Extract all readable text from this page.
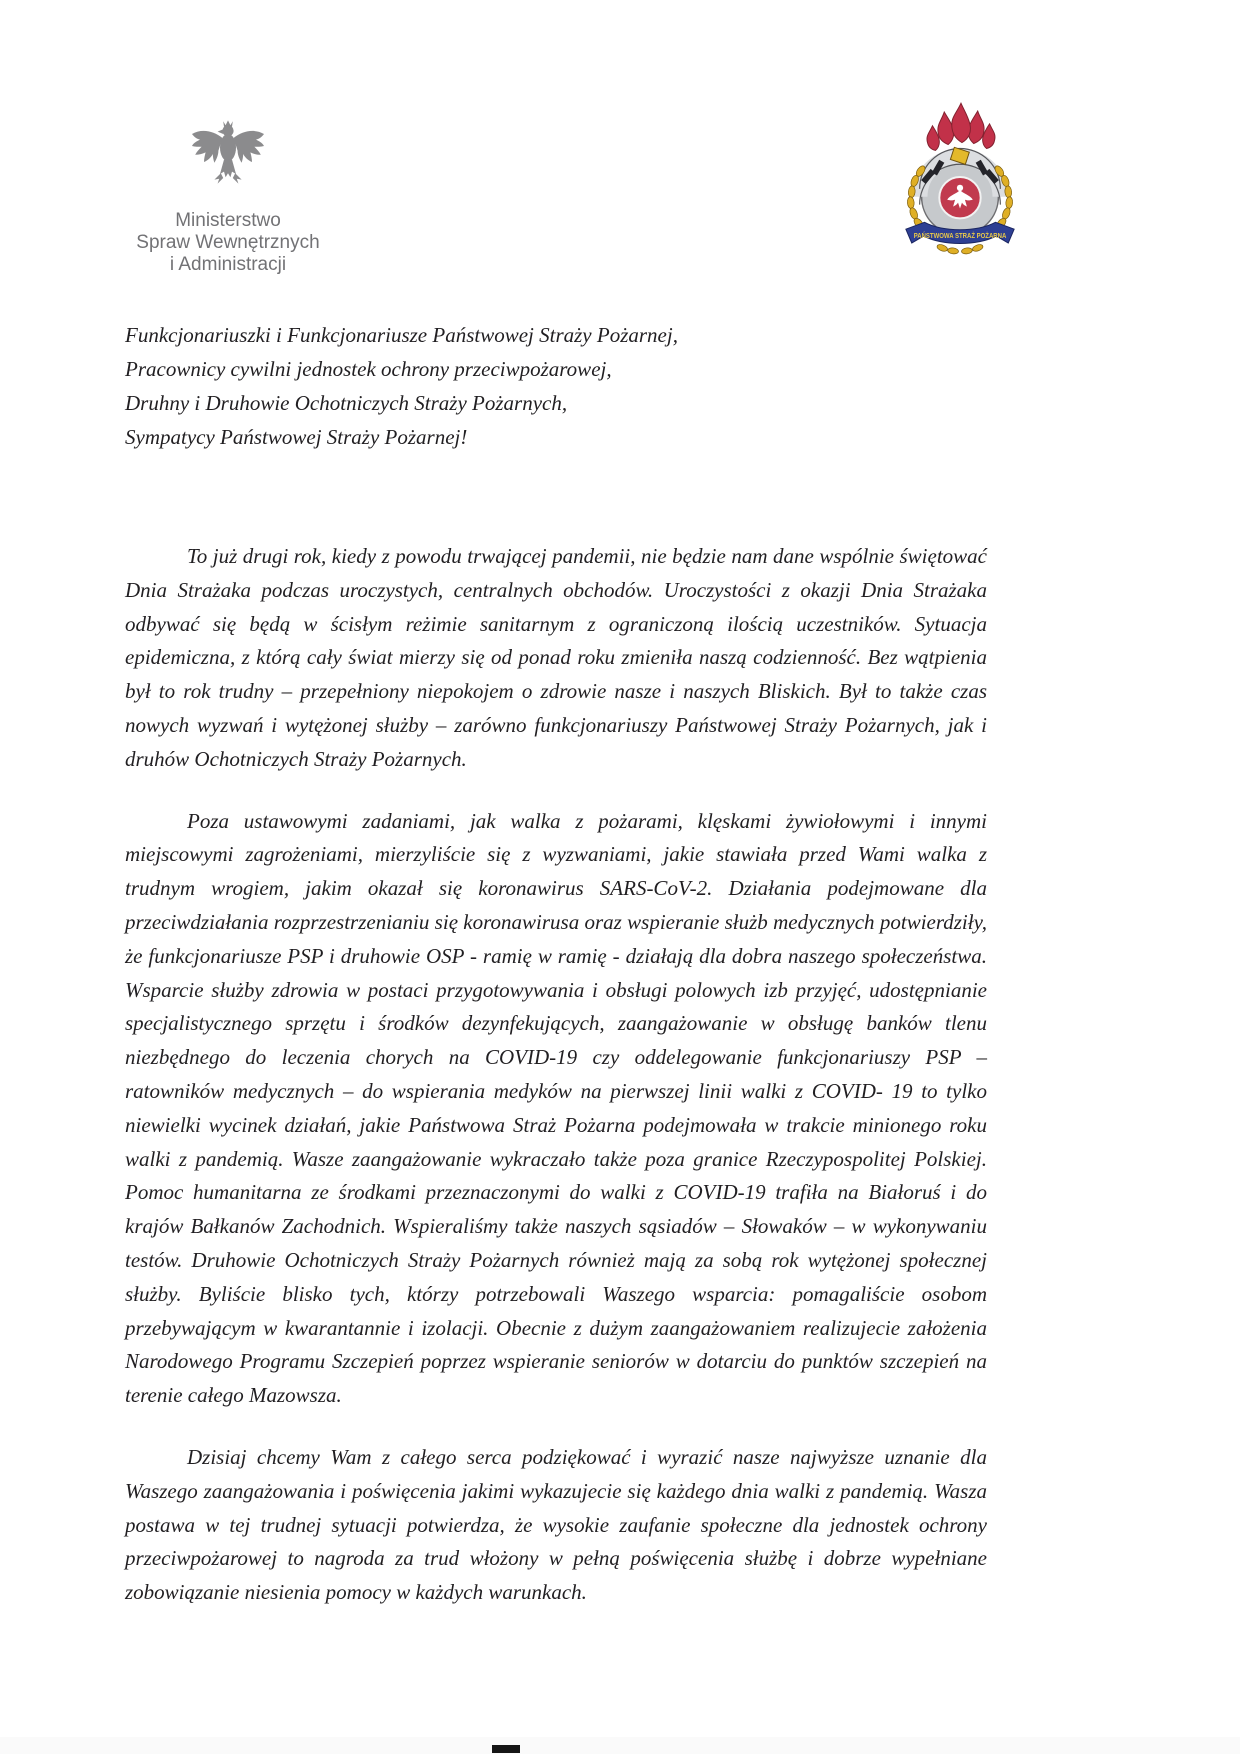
Ministerstwo
Spraw Wewnętrznych
i Administracji
PAŃSTWOWA STRAŻ POŻARNA
Funkcjonariuszki i Funkcjonariusze Państwowej Straży Pożarnej,
Pracownicy cywilni jednostek ochrony przeciwpożarowej,
Druhny i Druhowie Ochotniczych Straży Pożarnych,
Sympatycy Państwowej Straży Pożarnej!

To już drugi rok, kiedy z powodu trwającej pandemii, nie będzie nam dane wspólnie świętować Dnia Strażaka podczas uroczystych, centralnych obchodów. Uroczystości z okazji Dnia Strażaka odbywać się będą w ścisłym reżimie sanitarnym z ograniczoną ilością uczestników. Sytuacja epidemiczna, z którą cały świat mierzy się od ponad roku zmieniła naszą codzienność. Bez wątpienia był to rok trudny – przepełniony niepokojem o zdrowie nasze i naszych Bliskich. Był to także czas nowych wyzwań i wytężonej służby – zarówno funkcjonariuszy Państwowej Straży Pożarnych, jak i druhów Ochotniczych Straży Pożarnych.

Poza ustawowymi zadaniami, jak walka z pożarami, klęskami żywiołowymi i innymi miejscowymi zagrożeniami, mierzyliście się z wyzwaniami, jakie stawiała przed Wami walka z trudnym wrogiem, jakim okazał się koronawirus SARS-CoV-2. Działania podejmowane dla przeciwdziałania rozprzestrzenianiu się koronawirusa oraz wspieranie służb medycznych potwierdziły, że funkcjonariusze PSP i druhowie OSP - ramię w ramię - działają dla dobra naszego społeczeństwa. Wsparcie służby zdrowia w postaci przygotowywania i obsługi polowych izb przyjęć, udostępnianie specjalistycznego sprzętu i środków dezynfekujących, zaangażowanie w obsługę banków tlenu niezbędnego do leczenia chorych na COVID-19 czy oddelegowanie funkcjonariuszy PSP – ratowników medycznych – do wspierania medyków na pierwszej linii walki z COVID- 19 to tylko niewielki wycinek działań, jakie Państwowa Straż Pożarna podejmowała w trakcie minionego roku walki z pandemią. Wasze zaangażowanie wykraczało także poza granice Rzeczypospolitej Polskiej. Pomoc humanitarna ze środkami przeznaczonymi do walki z COVID-19 trafiła na Białoruś i do krajów Bałkanów Zachodnich. Wspieraliśmy także naszych sąsiadów – Słowaków – w wykonywaniu testów. Druhowie Ochotniczych Straży Pożarnych również mają za sobą rok wytężonej społecznej służby. Byliście blisko tych, którzy potrzebowali Waszego wsparcia: pomagaliście osobom przebywającym w kwarantannie i izolacji. Obecnie z dużym zaangażowaniem realizujecie założenia Narodowego Programu Szczepień poprzez wspieranie seniorów w dotarciu do punktów szczepień na terenie całego Mazowsza.

Dzisiaj chcemy Wam z całego serca podziękować i wyrazić nasze najwyższe uznanie dla Waszego zaangażowania i poświęcenia jakimi wykazujecie się każdego dnia walki z pandemią. Wasza postawa w tej trudnej sytuacji potwierdza, że wysokie zaufanie społeczne dla jednostek ochrony przeciwpożarowej to nagroda za trud włożony w pełną poświęcenia służbę i dobrze wypełniane zobowiązanie niesienia pomocy w każdych warunkach.
